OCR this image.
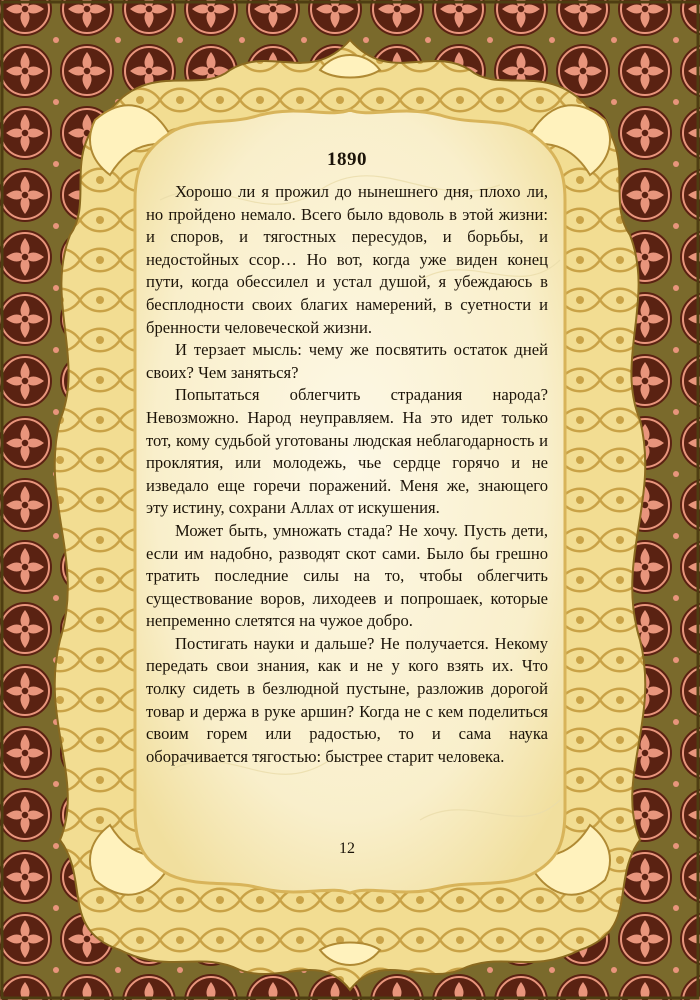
1890

Хорошо ли я прожил до нынешнего дня, плохо ли, но пройдено немало. Всего было вдоволь в этой жизни: и споров, и тягостных пересудов, и борьбы, и недостойных ссор… Но вот, когда уже виден конец пути, когда обессилел и устал душой, я убеждаюсь в бесплодности своих благих намерений, в суетности и бренности человеческой жизни.

И терзает мысль: чему же посвятить остаток дней своих? Чем заняться?

Попытаться облегчить страдания народа? Невозможно. Народ неуправляем. На это идет только тот, кому судьбой уготованы людская неблагодарность и проклятия, или молодежь, чье сердце горячо и не изведало еще горечи поражений. Меня же, знающего эту истину, сохрани Аллах от искушения.

Может быть, умножать стада? Не хочу. Пусть дети, если им надобно, разводят скот сами. Было бы грешно тратить последние силы на то, чтобы облегчить существование воров, лиходеев и попрошаек, которые непременно слетятся на чужое добро.

Постигать науки и дальше? Не получается. Некому передать свои знания, как и не у кого взять их. Что толку сидеть в безлюдной пустыне, разложив дорогой товар и держа в руке аршин? Когда не с кем поделиться своим горем или радостью, то и сама наука оборачивается тягостью: быстрее старит человека.

12
